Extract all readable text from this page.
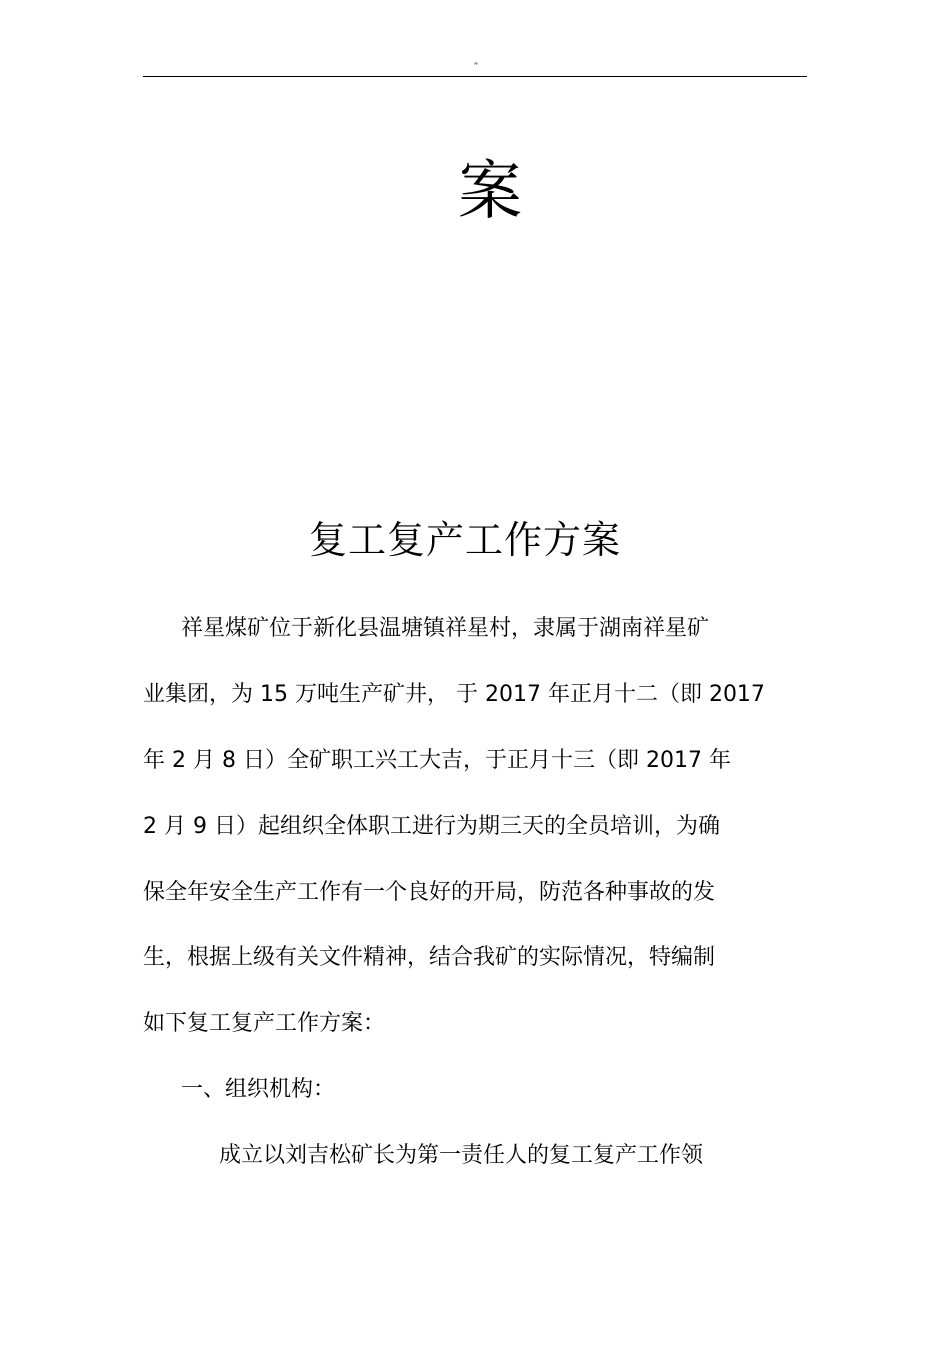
”
案
复工复产工作方案
祥星煤矿位于新化县温塘镇祥星村，隶属于湖南祥星矿
业集团，为 15 万吨生产矿井， 于 2017 年正月十二（即 2017
年 2 月 8 日）全矿职工兴工大吉，于正月十三（即 2017 年
2 月 9 日）起组织全体职工进行为期三天的全员培训，为确
保全年安全生产工作有一个良好的开局，防范各种事故的发
生，根据上级有关文件精神，结合我矿的实际情况，特编制
如下复工复产工作方案：
一、组织机构：
成立以刘吉松矿长为第一责任人的复工复产工作领
